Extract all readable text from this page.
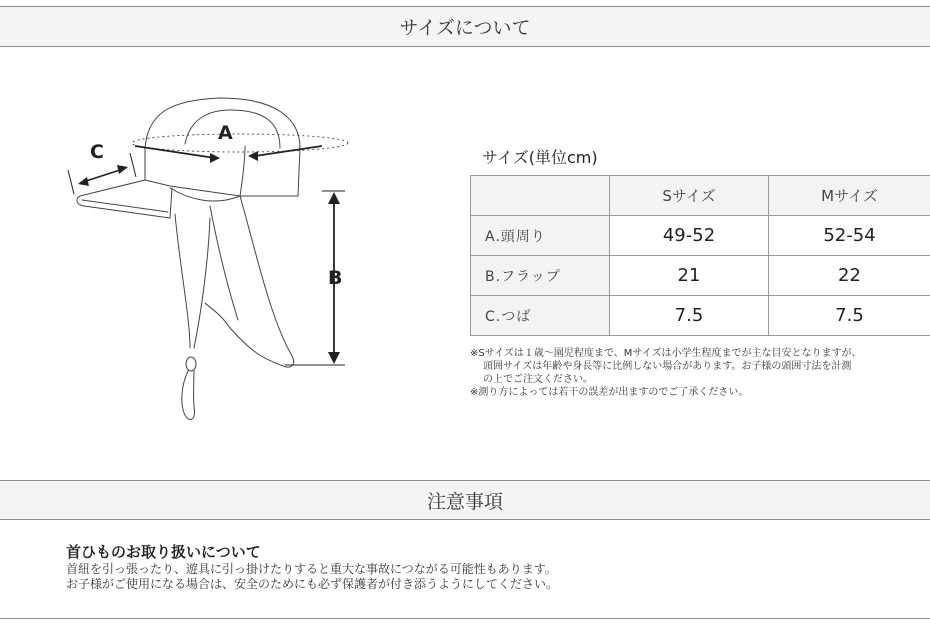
サイズについて
A
C
B
サイズ(単位cm)
	Sサイズ	Mサイズ
A.頭周り	49-52	52-54
B.フラップ	21	22
C.つば	7.5	7.5
※Sサイズは１歳〜園児程度まで、Mサイズは小学生程度までが主な目安となりますが、
頭囲サイズは年齢や身長等に比例しない場合があります。お子様の頭囲寸法を計測
の上でご注文ください。
※測り方によっては若干の誤差が出ますのでご了承ください。
注意事項
首ひものお取り扱いについて
首紐を引っ張ったり、遊具に引っ掛けたりすると重大な事故につながる可能性もあります。
お子様がご使用になる場合は、安全のためにも必ず保護者が付き添うようにしてください。
